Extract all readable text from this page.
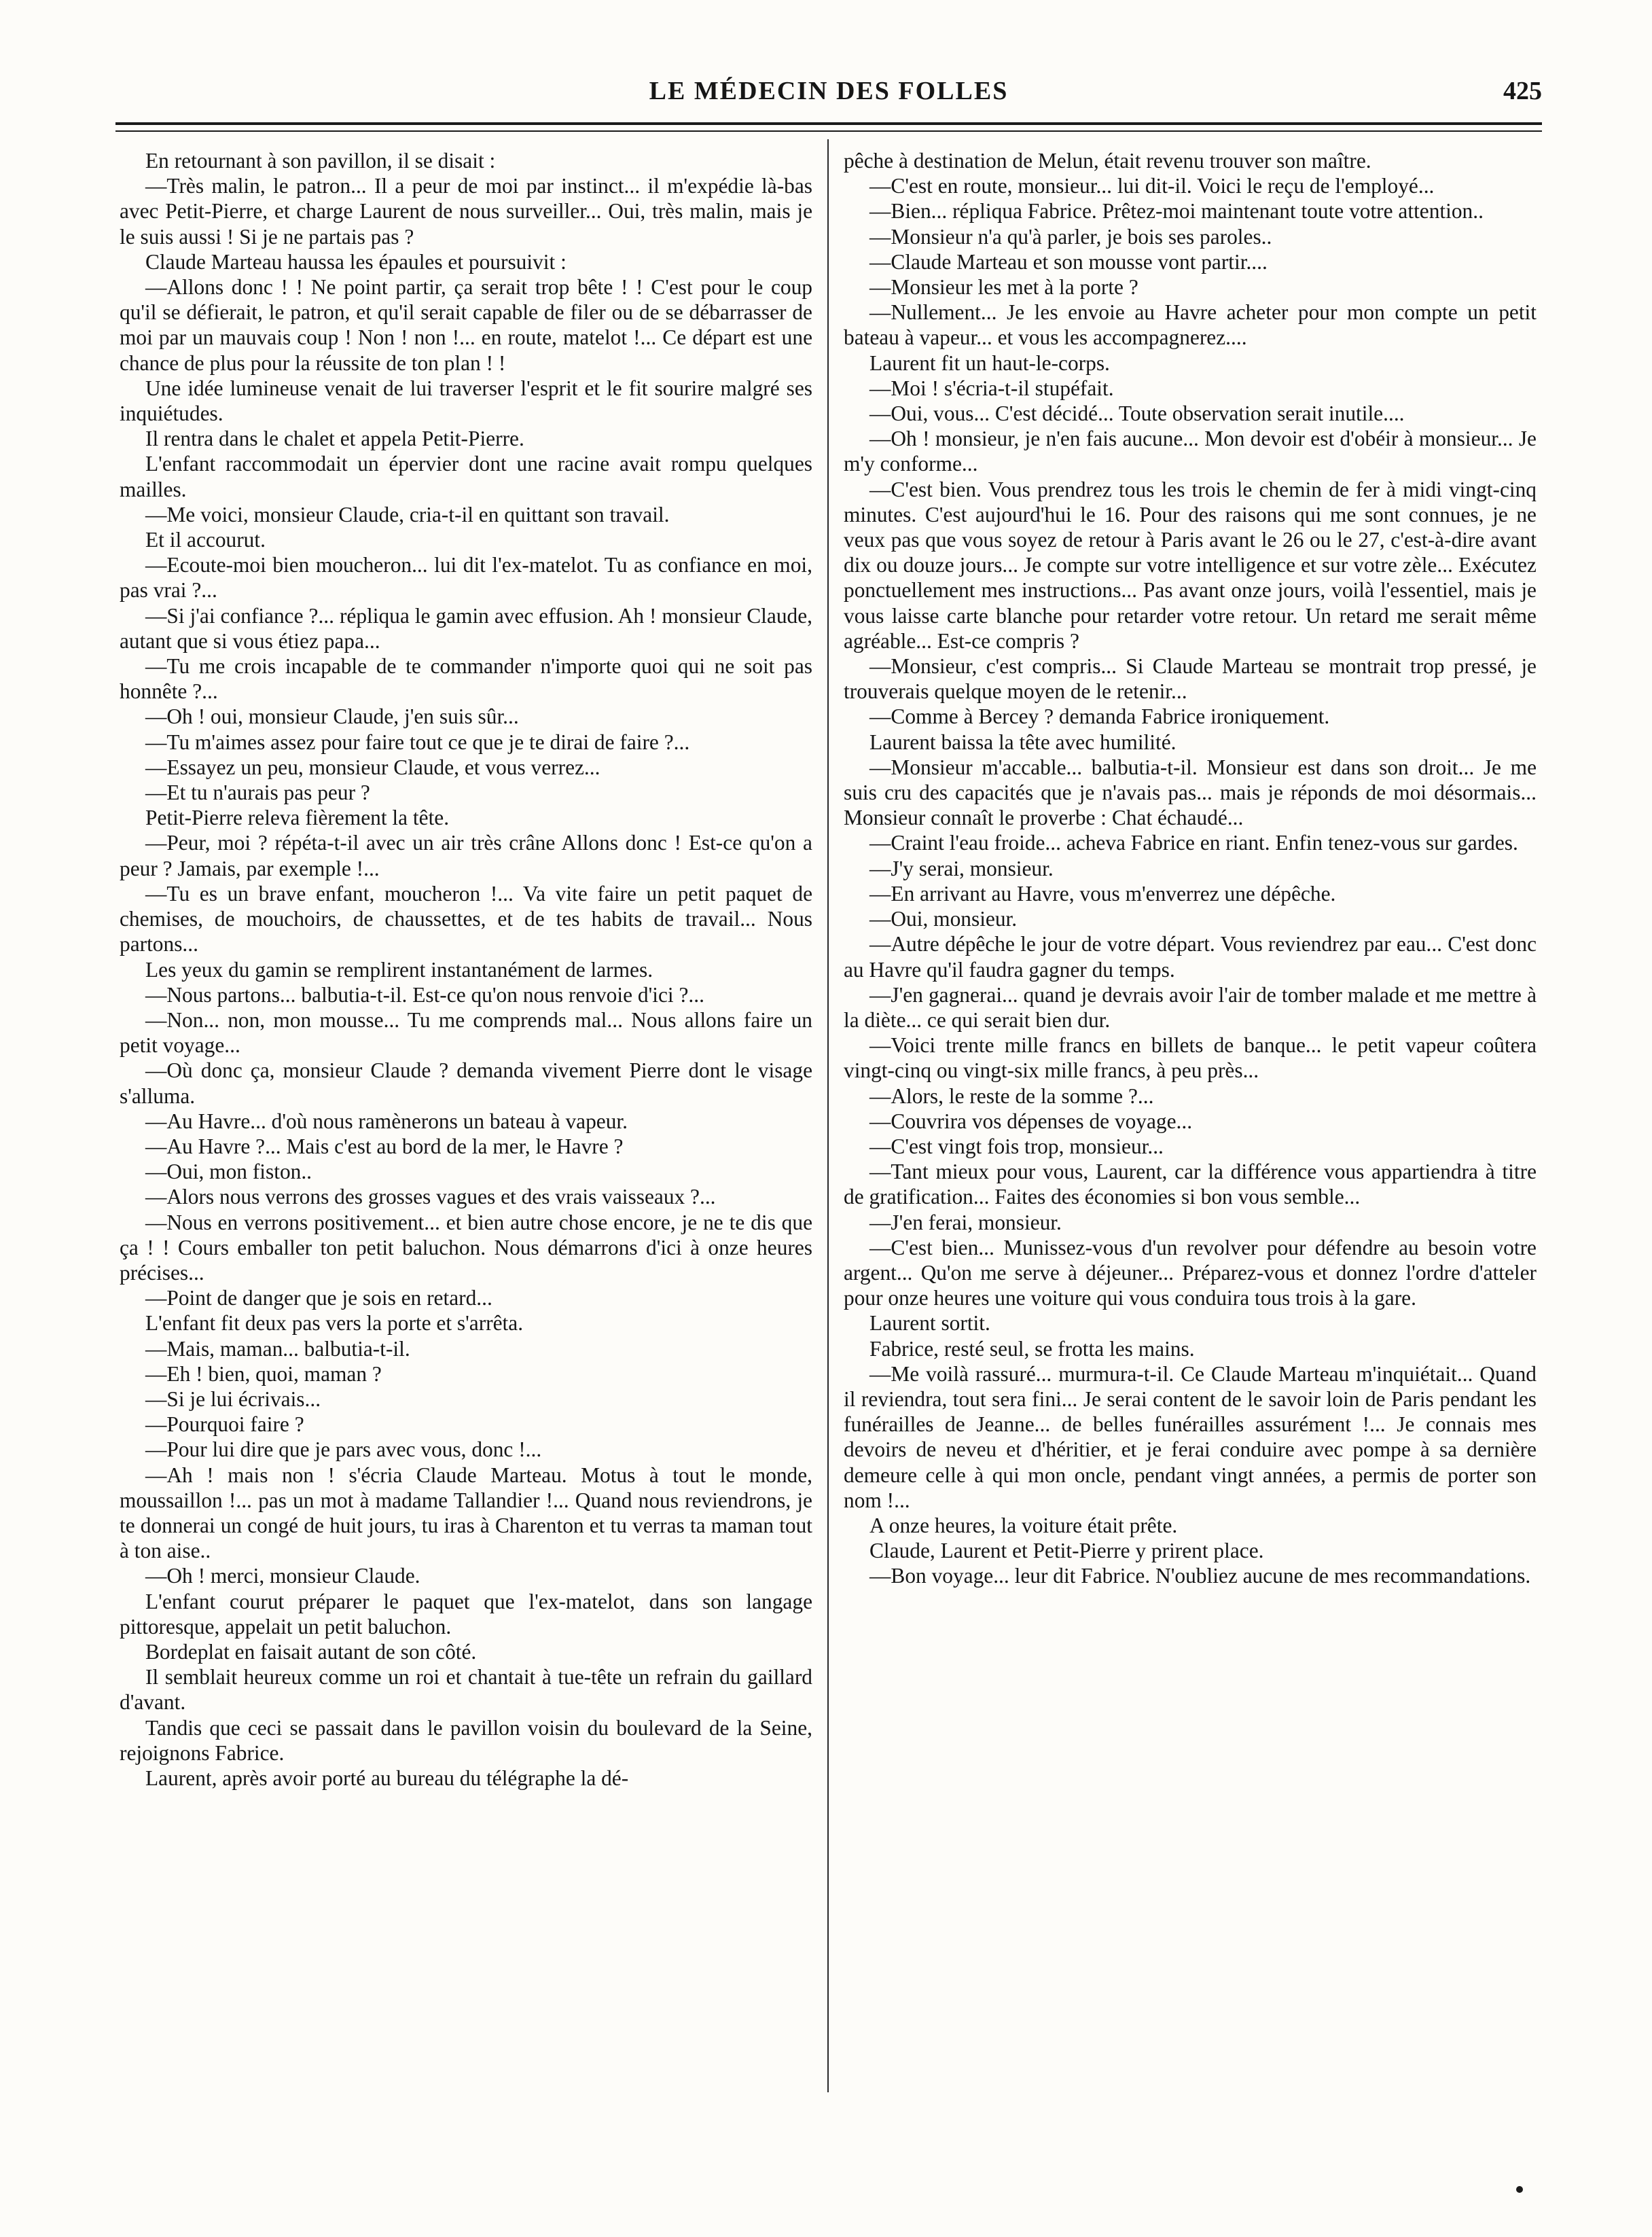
LE MÉDECIN DES FOLLES	425

En retournant à son pavillon, il se disait :

—Très malin, le patron... Il a peur de moi par instinct... il m'expédie là-bas avec Petit-Pierre, et charge Laurent de nous surveiller... Oui, très malin, mais je le suis aussi ! Si je ne partais pas ?

Claude Marteau haussa les épaules et poursuivit :

—Allons donc ! ! Ne point partir, ça serait trop bête ! ! C'est pour le coup qu'il se défierait, le patron, et qu'il serait capable de filer ou de se débarrasser de moi par un mauvais coup ! Non ! non !... en route, matelot !... Ce départ est une chance de plus pour la réussite de ton plan ! !

Une idée lumineuse venait de lui traverser l'esprit et le fit sourire malgré ses inquiétudes.

Il rentra dans le chalet et appela Petit-Pierre.

L'enfant raccommodait un épervier dont une racine avait rompu quelques mailles.

—Me voici, monsieur Claude, cria-t-il en quittant son travail.

Et il accourut.

—Ecoute-moi bien moucheron... lui dit l'ex-matelot. Tu as confiance en moi, pas vrai ?...

—Si j'ai confiance ?... répliqua le gamin avec effusion. Ah ! monsieur Claude, autant que si vous étiez papa...

—Tu me crois incapable de te commander n'importe quoi qui ne soit pas honnête ?...

—Oh ! oui, monsieur Claude, j'en suis sûr...

—Tu m'aimes assez pour faire tout ce que je te dirai de faire ?...

—Essayez un peu, monsieur Claude, et vous verrez...

—Et tu n'aurais pas peur ?

Petit-Pierre releva fièrement la tête.

—Peur, moi ? répéta-t-il avec un air très crâne Allons donc ! Est-ce qu'on a peur ? Jamais, par exemple !...

—Tu es un brave enfant, moucheron !... Va vite faire un petit paquet de chemises, de mouchoirs, de chaussettes, et de tes habits de travail... Nous partons...

Les yeux du gamin se remplirent instantanément de larmes.

—Nous partons... balbutia-t-il. Est-ce qu'on nous renvoie d'ici ?...

—Non... non, mon mousse... Tu me comprends mal... Nous allons faire un petit voyage...

—Où donc ça, monsieur Claude ? demanda vivement Pierre dont le visage s'alluma.

—Au Havre... d'où nous ramènerons un bateau à vapeur.

—Au Havre ?... Mais c'est au bord de la mer, le Havre ?

—Oui, mon fiston..

—Alors nous verrons des grosses vagues et des vrais vaisseaux ?...

—Nous en verrons positivement... et bien autre chose encore, je ne te dis que ça ! ! Cours emballer ton petit baluchon. Nous démarrons d'ici à onze heures précises...

—Point de danger que je sois en retard...

L'enfant fit deux pas vers la porte et s'arrêta.

—Mais, maman... balbutia-t-il.

—Eh ! bien, quoi, maman ?

—Si je lui écrivais...

—Pourquoi faire ?

—Pour lui dire que je pars avec vous, donc !...

—Ah ! mais non ! s'écria Claude Marteau. Motus à tout le monde, moussaillon !... pas un mot à madame Tallandier !... Quand nous reviendrons, je te donnerai un congé de huit jours, tu iras à Charenton et tu verras ta maman tout à ton aise..

—Oh ! merci, monsieur Claude.

L'enfant courut préparer le paquet que l'ex-matelot, dans son langage pittoresque, appelait un petit baluchon.

Bordeplat en faisait autant de son côté.

Il semblait heureux comme un roi et chantait à tue-tête un refrain du gaillard d'avant.

Tandis que ceci se passait dans le pavillon voisin du boulevard de la Seine, rejoignons Fabrice.

Laurent, après avoir porté au bureau du télégraphe la dé-

pêche à destination de Melun, était revenu trouver son maître.

—C'est en route, monsieur... lui dit-il. Voici le reçu de l'employé...

—Bien... répliqua Fabrice. Prêtez-moi maintenant toute votre attention..

—Monsieur n'a qu'à parler, je bois ses paroles..

—Claude Marteau et son mousse vont partir....

—Monsieur les met à la porte ?

—Nullement... Je les envoie au Havre acheter pour mon compte un petit bateau à vapeur... et vous les accompagnerez....

Laurent fit un haut-le-corps.

—Moi ! s'écria-t-il stupéfait.

—Oui, vous... C'est décidé... Toute observation serait inutile....

—Oh ! monsieur, je n'en fais aucune... Mon devoir est d'obéir à monsieur... Je m'y conforme...

—C'est bien. Vous prendrez tous les trois le chemin de fer à midi vingt-cinq minutes. C'est aujourd'hui le 16. Pour des raisons qui me sont connues, je ne veux pas que vous soyez de retour à Paris avant le 26 ou le 27, c'est-à-dire avant dix ou douze jours... Je compte sur votre intelligence et sur votre zèle... Exécutez ponctuellement mes instructions... Pas avant onze jours, voilà l'essentiel, mais je vous laisse carte blanche pour retarder votre retour. Un retard me serait même agréable... Est-ce compris ?

—Monsieur, c'est compris... Si Claude Marteau se montrait trop pressé, je trouverais quelque moyen de le retenir...

—Comme à Bercey ? demanda Fabrice ironiquement.

Laurent baissa la tête avec humilité.

—Monsieur m'accable... balbutia-t-il. Monsieur est dans son droit... Je me suis cru des capacités que je n'avais pas... mais je réponds de moi désormais... Monsieur connaît le proverbe : Chat échaudé...

—Craint l'eau froide... acheva Fabrice en riant. Enfin tenez-vous sur gardes.

—J'y serai, monsieur.

—En arrivant au Havre, vous m'enverrez une dépêche.

—Oui, monsieur.

—Autre dépêche le jour de votre départ. Vous reviendrez par eau... C'est donc au Havre qu'il faudra gagner du temps.

—J'en gagnerai... quand je devrais avoir l'air de tomber malade et me mettre à la diète... ce qui serait bien dur.

—Voici trente mille francs en billets de banque... le petit vapeur coûtera vingt-cinq ou vingt-six mille francs, à peu près...

—Alors, le reste de la somme ?...

—Couvrira vos dépenses de voyage...

—C'est vingt fois trop, monsieur...

—Tant mieux pour vous, Laurent, car la différence vous appartiendra à titre de gratification... Faites des économies si bon vous semble...

—J'en ferai, monsieur.

—C'est bien... Munissez-vous d'un revolver pour défendre au besoin votre argent... Qu'on me serve à déjeuner... Préparez-vous et donnez l'ordre d'atteler pour onze heures une voiture qui vous conduira tous trois à la gare.

Laurent sortit.

Fabrice, resté seul, se frotta les mains.

—Me voilà rassuré... murmura-t-il. Ce Claude Marteau m'inquiétait... Quand il reviendra, tout sera fini... Je serai content de le savoir loin de Paris pendant les funérailles de Jeanne... de belles funérailles assurément !... Je connais mes devoirs de neveu et d'héritier, et je ferai conduire avec pompe à sa dernière demeure celle à qui mon oncle, pendant vingt années, a permis de porter son nom !...

A onze heures, la voiture était prête.

Claude, Laurent et Petit-Pierre y prirent place.

—Bon voyage... leur dit Fabrice. N'oubliez aucune de mes recommandations.
